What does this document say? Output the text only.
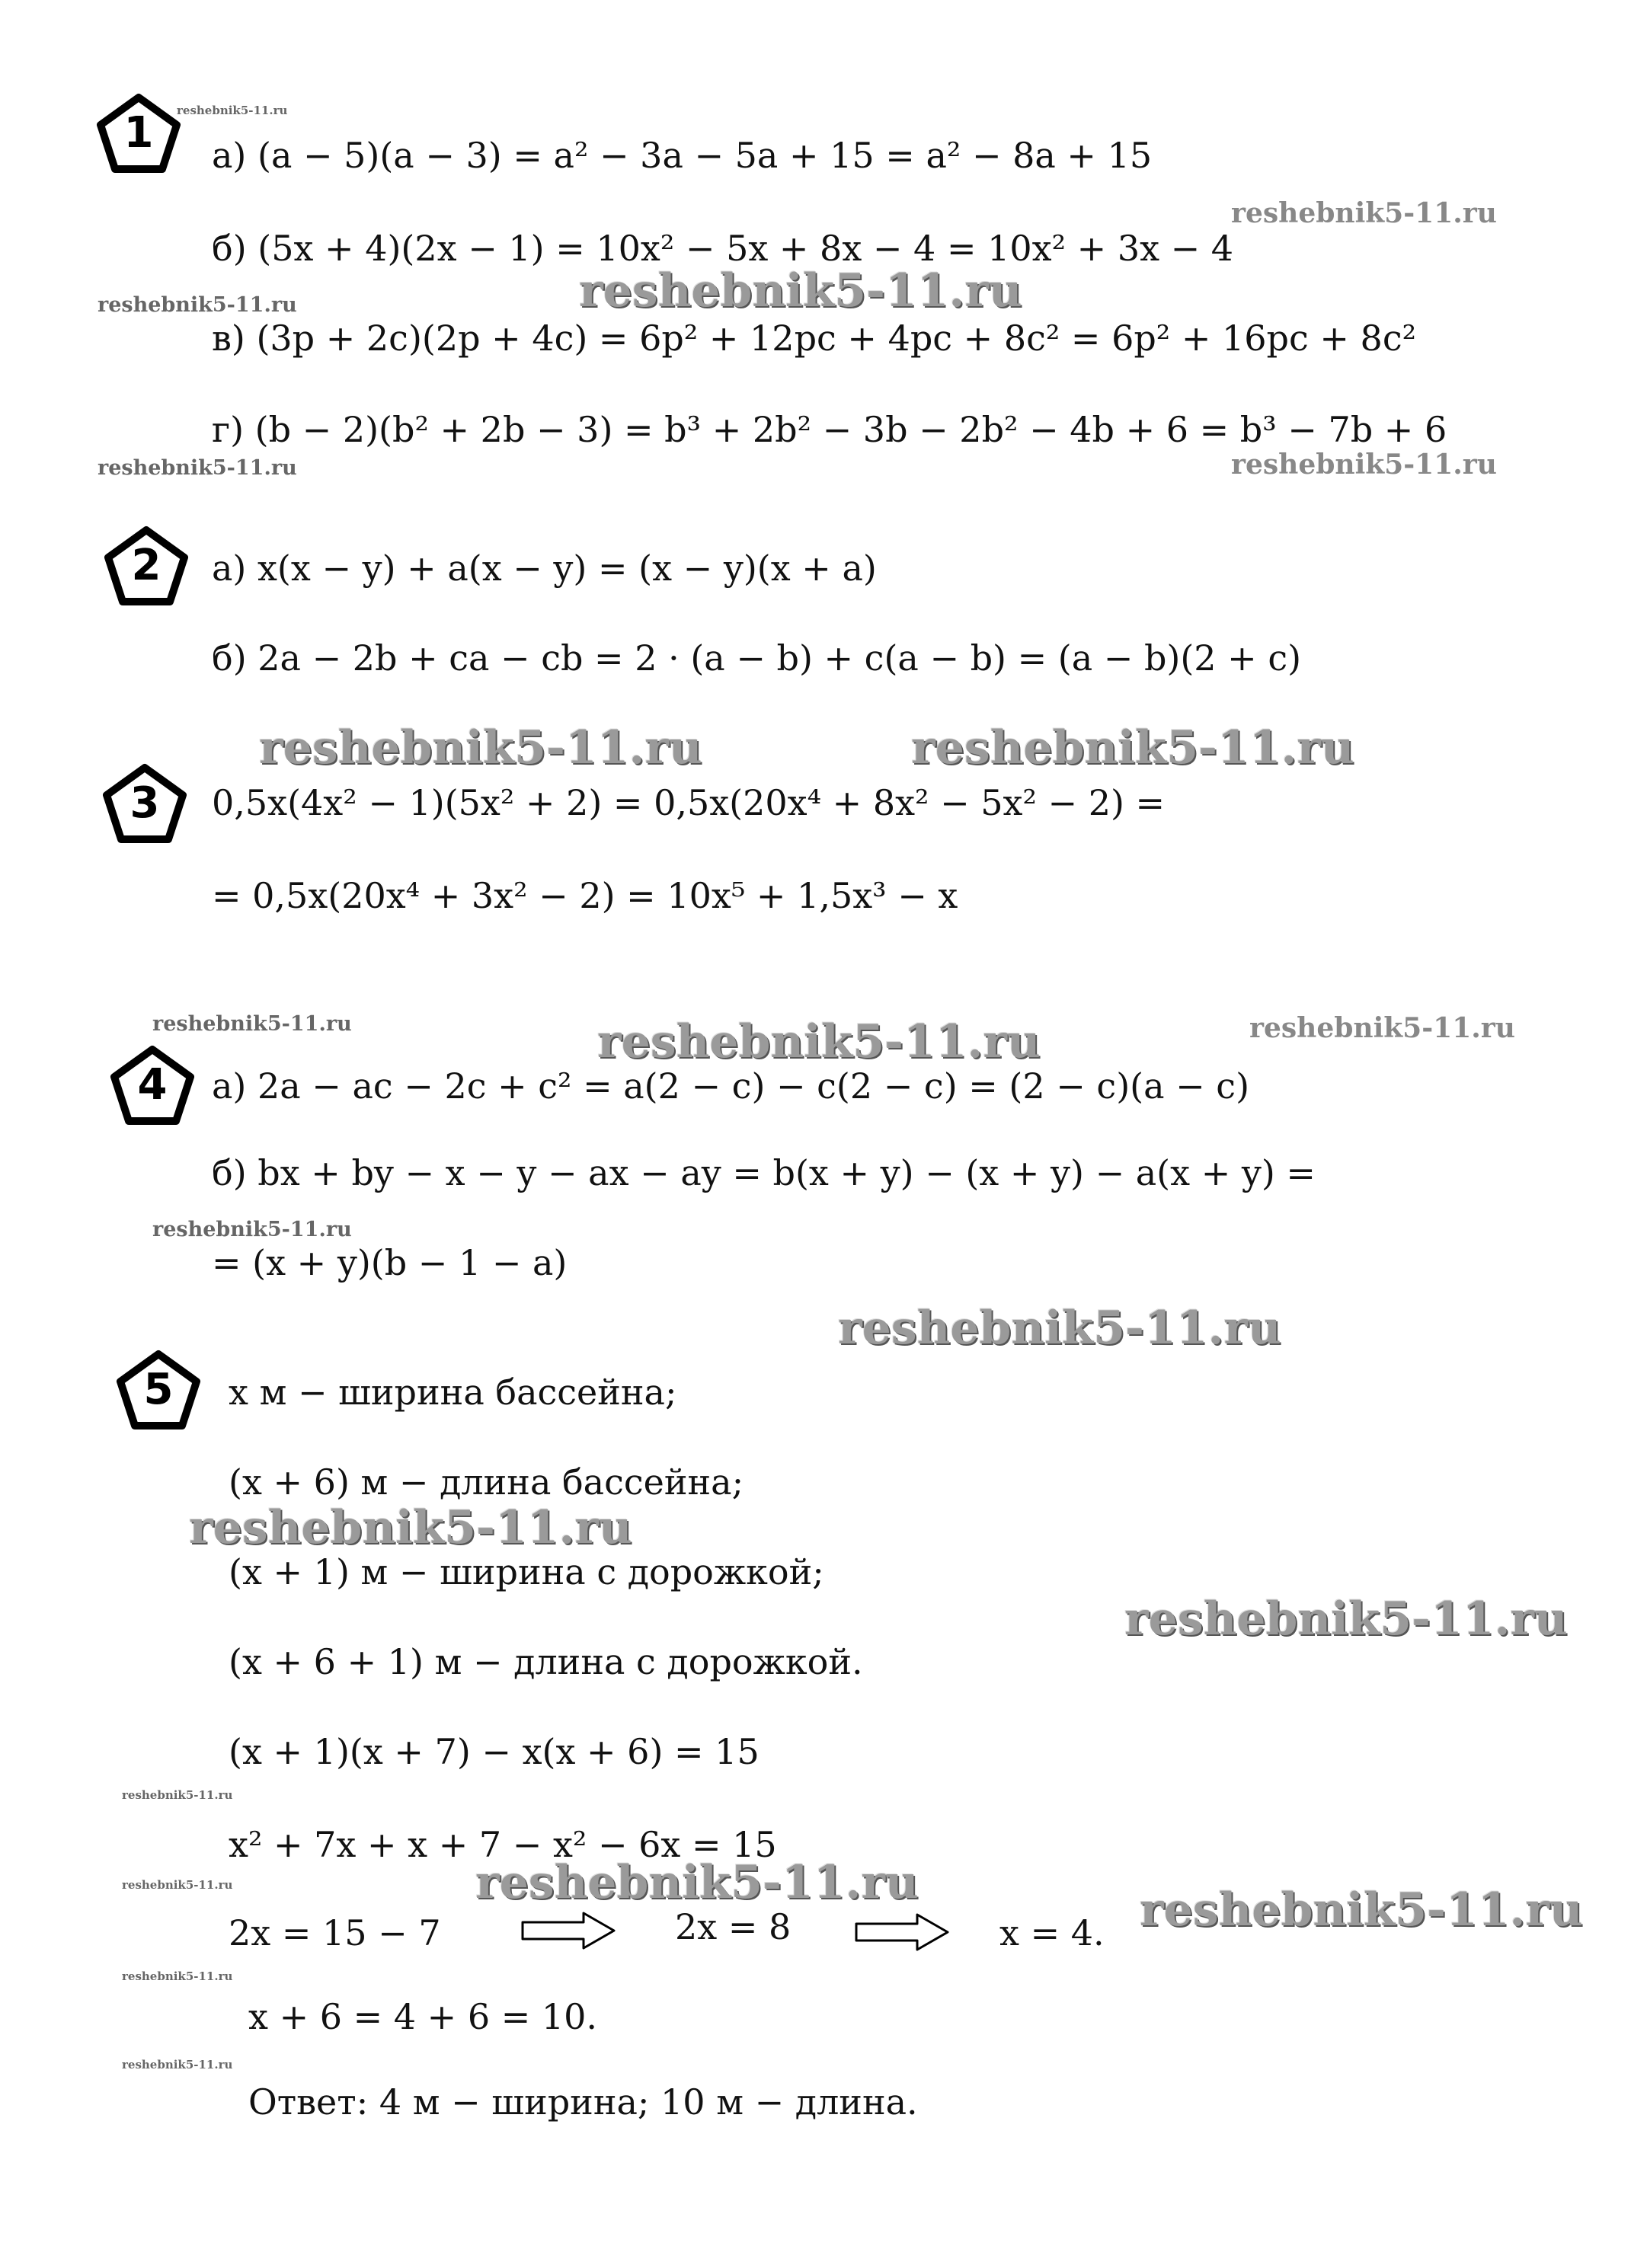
reshebnik5-11.ru
reshebnik5-11.ru
reshebnik5-11.ru
reshebnik5-11.ru
reshebnik5-11.ru	reshebnik5-11.ru
reshebnik5-11.ru	reshebnik5-11.ru
reshebnik5-11.ru	reshebnik5-11.ru	reshebnik5-11.ru
reshebnik5-11.ru
reshebnik5-11.ru
reshebnik5-11.ru
reshebnik5-11.ru
reshebnik5-11.ru
reshebnik5-11.ru
reshebnik5-11.ru	reshebnik5-11.ru
reshebnik5-11.ru
reshebnik5-11.ru
1	а) (a − 5)(a − 3) = a² − 3a − 5a + 15 = a² − 8a + 15
б) (5x + 4)(2x − 1) = 10x² − 5x + 8x − 4 = 10x² + 3x − 4
в) (3p + 2c)(2p + 4c) = 6p² + 12pc + 4pc + 8c² = 6p² + 16pc + 8c²
г) (b − 2)(b² + 2b − 3) = b³ + 2b² − 3b − 2b² − 4b + 6 = b³ − 7b + 6
2	а) x(x − y) + a(x − y) = (x − y)(x + a)
б) 2a − 2b + ca − cb = 2 · (a − b) + c(a − b) = (a − b)(2 + c)
3	0,5x(4x² − 1)(5x² + 2) = 0,5x(20x⁴ + 8x² − 5x² − 2) =
= 0,5x(20x⁴ + 3x² − 2) = 10x⁵ + 1,5x³ − x
4	а) 2a − ac − 2c + c² = a(2 − c) − c(2 − c) = (2 − c)(a − c)
б) bx + by − x − y − ax − ay = b(x + y) − (x + y) − a(x + y) =
= (x + y)(b − 1 − a)
5	x м − ширина бассейна;
(x + 6) м − длина бассейна;
(x + 1) м − ширина с дорожкой;
(x + 6 + 1) м − длина с дорожкой.
(x + 1)(x + 7) − x(x + 6) = 15
x² + 7x + x + 7 − x² − 6x = 15
2x = 15 − 7	2x = 8	x = 4.
x + 6 = 4 + 6 = 10.
Ответ: 4 м − ширина; 10 м − длина.
